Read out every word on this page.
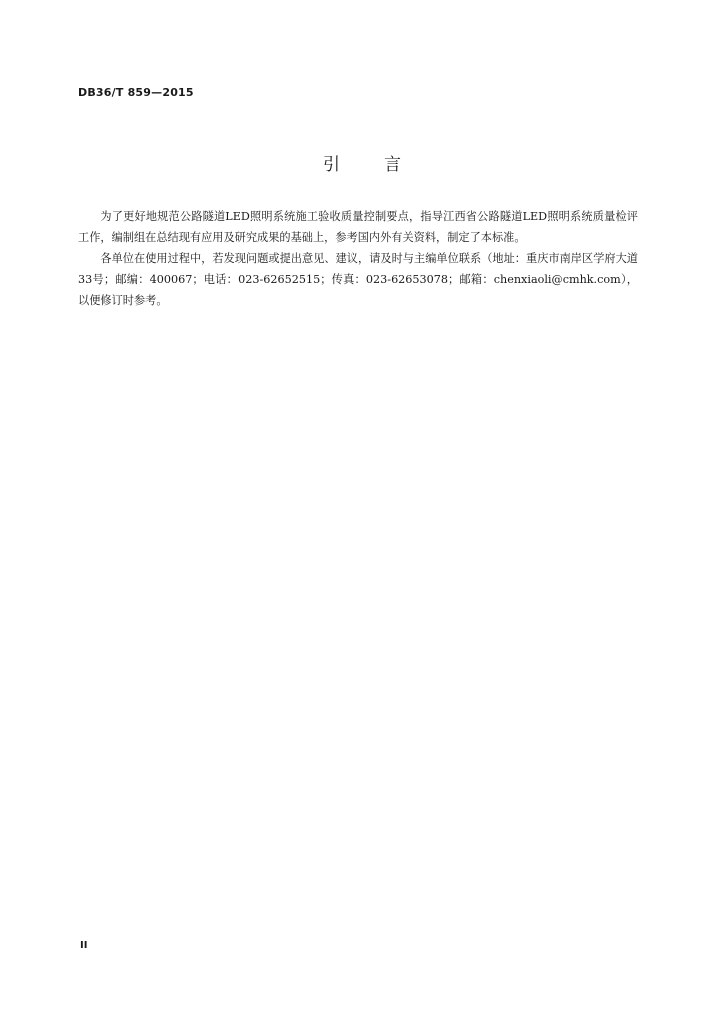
DB36/T 859—2015
引言

为了更好地规范公路隧道LED照明系统施工验收质量控制要点，指导江西省公路隧道LED照明系统质量检评工作，编制组在总结现有应用及研究成果的基础上，参考国内外有关资料，制定了本标准。

各单位在使用过程中，若发现问题或提出意见、建议，请及时与主编单位联系（地址：重庆市南岸区学府大道33号；邮编：400067；电话：023-62652515；传真：023-62653078；邮箱：chenxiaoli@cmhk.com），以便修订时参考。

II
